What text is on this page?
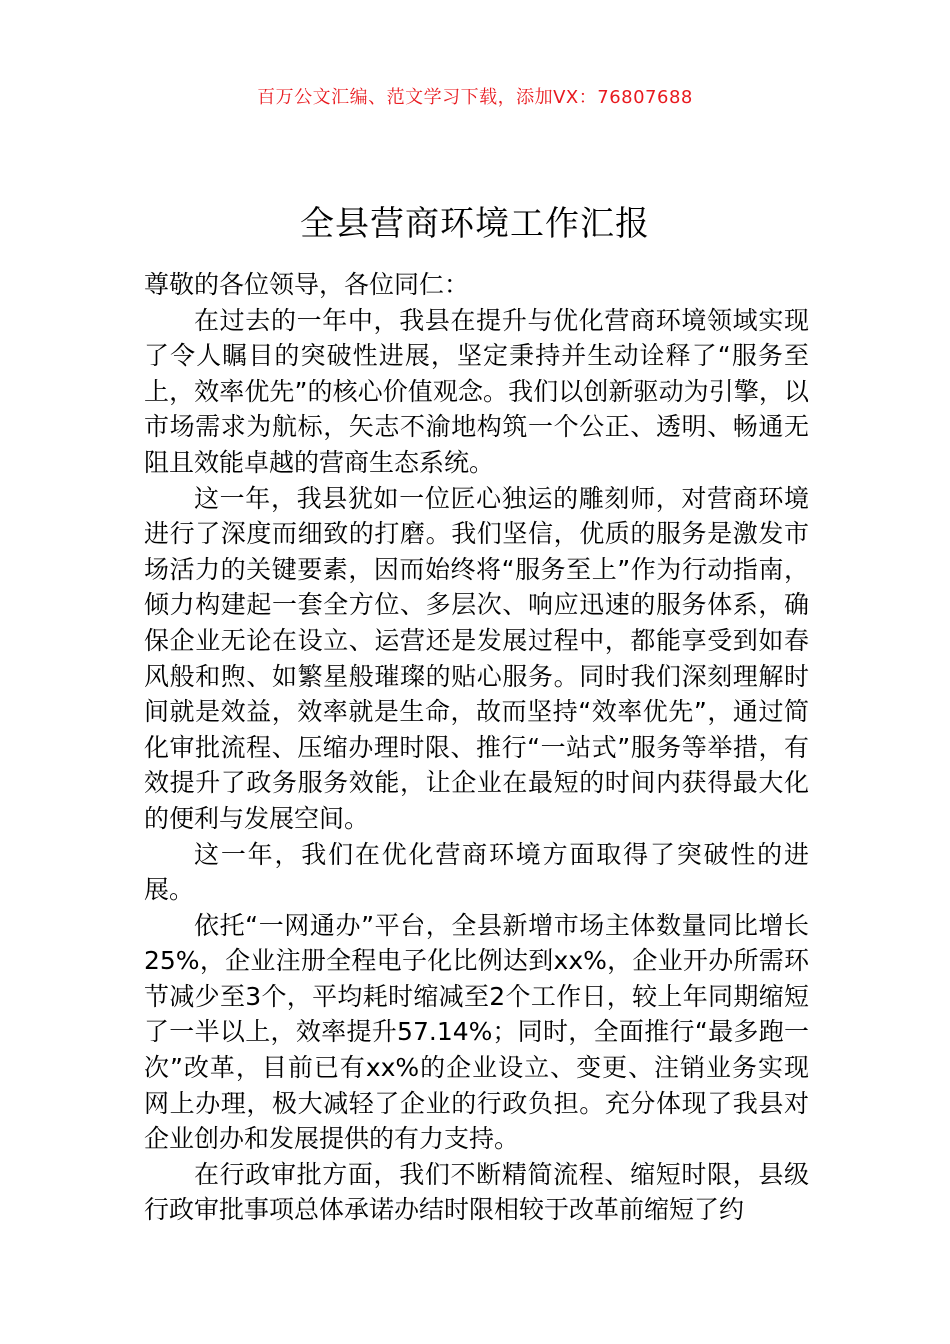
百万公文汇编、范文学习下载，添加VX：76807688
全县营商环境工作汇报

尊敬的各位领导，各位同仁：

在过去的一年中，我县在提升与优化营商环境领域实现了令人瞩目的突破性进展，坚定秉持并生动诠释了“服务至上，效率优先”的核心价值观念。我们以创新驱动为引擎，以市场需求为航标，矢志不渝地构筑一个公正、透明、畅通无阻且效能卓越的营商生态系统。

这一年，我县犹如一位匠心独运的雕刻师，对营商环境进行了深度而细致的打磨。我们坚信，优质的服务是激发市场活力的关键要素，因而始终将“服务至上”作为行动指南，倾力构建起一套全方位、多层次、响应迅速的服务体系，确保企业无论在设立、运营还是发展过程中，都能享受到如春风般和煦、如繁星般璀璨的贴心服务。同时我们深刻理解时间就是效益，效率就是生命，故而坚持“效率优先”，通过简化审批流程、压缩办理时限、推行“一站式”服务等举措，有效提升了政务服务效能，让企业在最短的时间内获得最大化的便利与发展空间。

这一年，我们在优化营商环境方面取得了突破性的进展。

依托“一网通办”平台，全县新增市场主体数量同比增长25%，企业注册全程电子化比例达到xx%，企业开办所需环节减少至3个，平均耗时缩减至2个工作日，较上年同期缩短了一半以上，效率提升57.14%；同时，全面推行“最多跑一次”改革，目前已有xx%的企业设立、变更、注销业务实现网上办理，极大减轻了企业的行政负担。充分体现了我县对企业创办和发展提供的有力支持。

在行政审批方面，我们不断精简流程、缩短时限，县级行政审批事项总体承诺办结时限相较于改革前缩短了约
